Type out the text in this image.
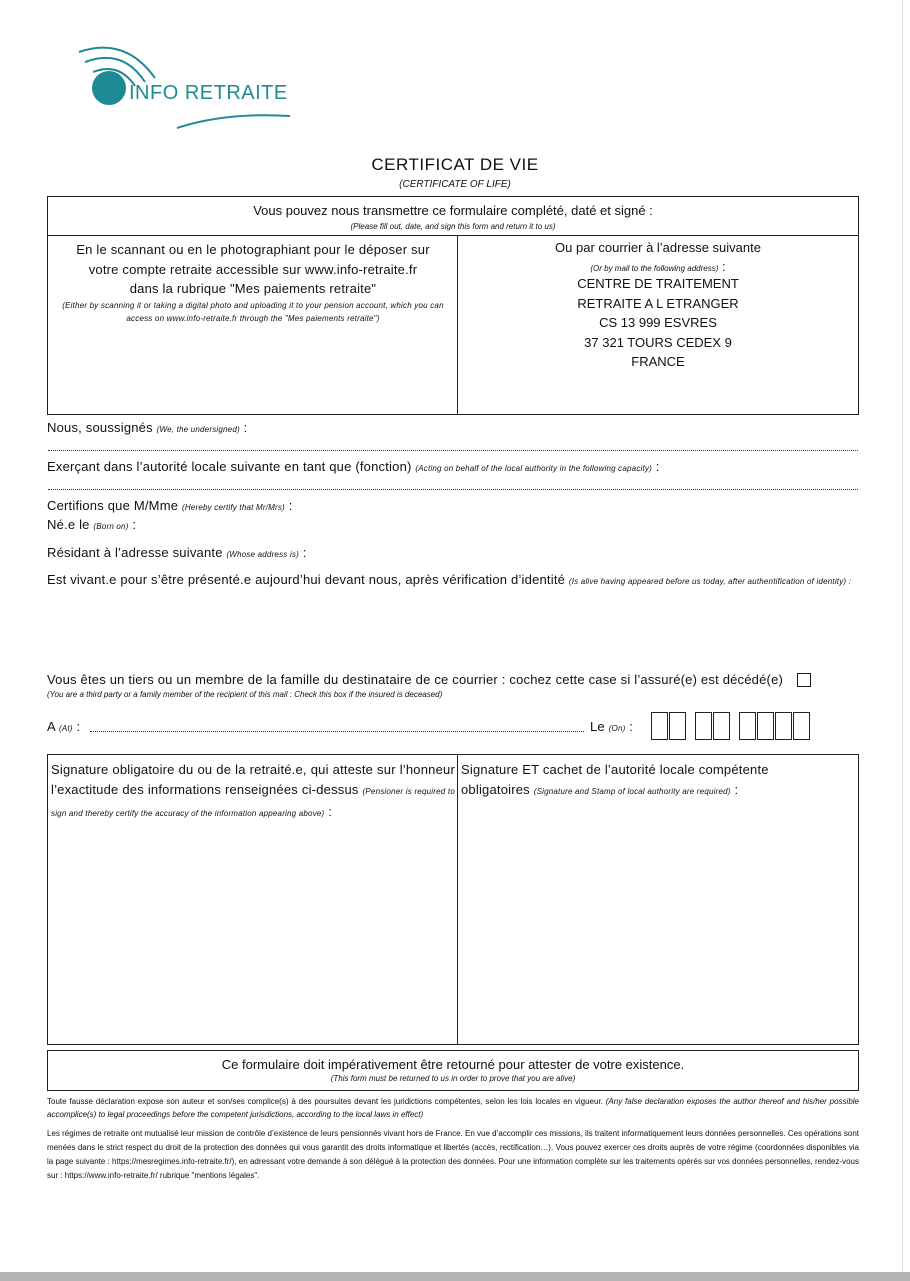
INFO RETRAITE
CERTIFICAT DE VIE
(CERTIFICATE OF LIFE)
Vous pouvez nous transmettre ce formulaire complété, daté et signé :
(Please fill out, date, and sign this form and return it to us)
En le scannant ou en le photographiant pour le déposer sur
votre compte retraite accessible sur www.info-retraite.fr
dans la rubrique "Mes paiements retraite"
(Either by scanning it or taking a digital photo and uploading it to your pension account, which you can access on www.info-retraite.fr through the "Mes paiements retraite")
Ou par courrier à l’adresse suivante
(Or by mail to the following address) :
CENTRE DE TRAITEMENT
RETRAITE A L ETRANGER
CS 13 999 ESVRES
37 321 TOURS CEDEX 9
FRANCE
Nous, soussignés (We, the undersigned) :
Exerçant dans l’autorité locale suivante en tant que (fonction) (Acting on behalf of the local authority in the following capacity) :
Certifions que M/Mme (Hereby certify that Mr/Mrs) :
Né.e le (Born on) :
Résidant à l’adresse suivante (Whose address is) :
Est vivant.e pour s’être présenté.e aujourd’hui devant nous, après vérification d’identité (Is alive having appeared before us today, after authentification of identity) :
Vous êtes un tiers ou un membre de la famille du destinataire de ce courrier : cochez cette case si l’assuré(e) est décédé(e)
(You are a third party or a family member of the recipient of this mail : Check this box if the insured is deceased)
A (At) :	Le (On) :
Signature obligatoire du ou de la retraité.e, qui atteste sur l’honneur l’exactitude des informations renseignées ci-dessus (Pensioner is required to sign and thereby certify the accuracy of the information appearing above) :
Signature ET cachet de l’autorité locale compétente obligatoires (Signature and Stamp of local authority are required) :
Ce formulaire doit impérativement être retourné pour attester de votre existence.
(This form must be returned to us in order to prove that you are alive)
Toute fausse déclaration expose son auteur et son/ses complice(s) à des poursuites devant les juridictions compétentes, selon les lois locales en vigueur. (Any false declaration exposes the author thereof and his/her possible accomplice(s) to legal proceedings before the competent jurisdictions, according to the local laws in effect)
Les régimes de retraite ont mutualisé leur mission de contrôle d’existence de leurs pensionnés vivant hors de France. En vue d’accomplir ces missions, ils traitent informatiquement leurs données personnelles. Ces opérations sont menées dans le strict respect du droit de la protection des données qui vous garantit des droits informatique et libertés (accès, rectification…). Vous pouvez exercer ces droits auprès de votre régime (coordonnées disponibles via la page suivante : https://mesregimes.info-retraite.fr/), en adressant votre demande à son délégué à la protection des données. Pour une information complète sur les traitements opérés sur vos données personnelles, rendez-vous sur : https://www.info-retraite.fr/ rubrique "mentions légales".
